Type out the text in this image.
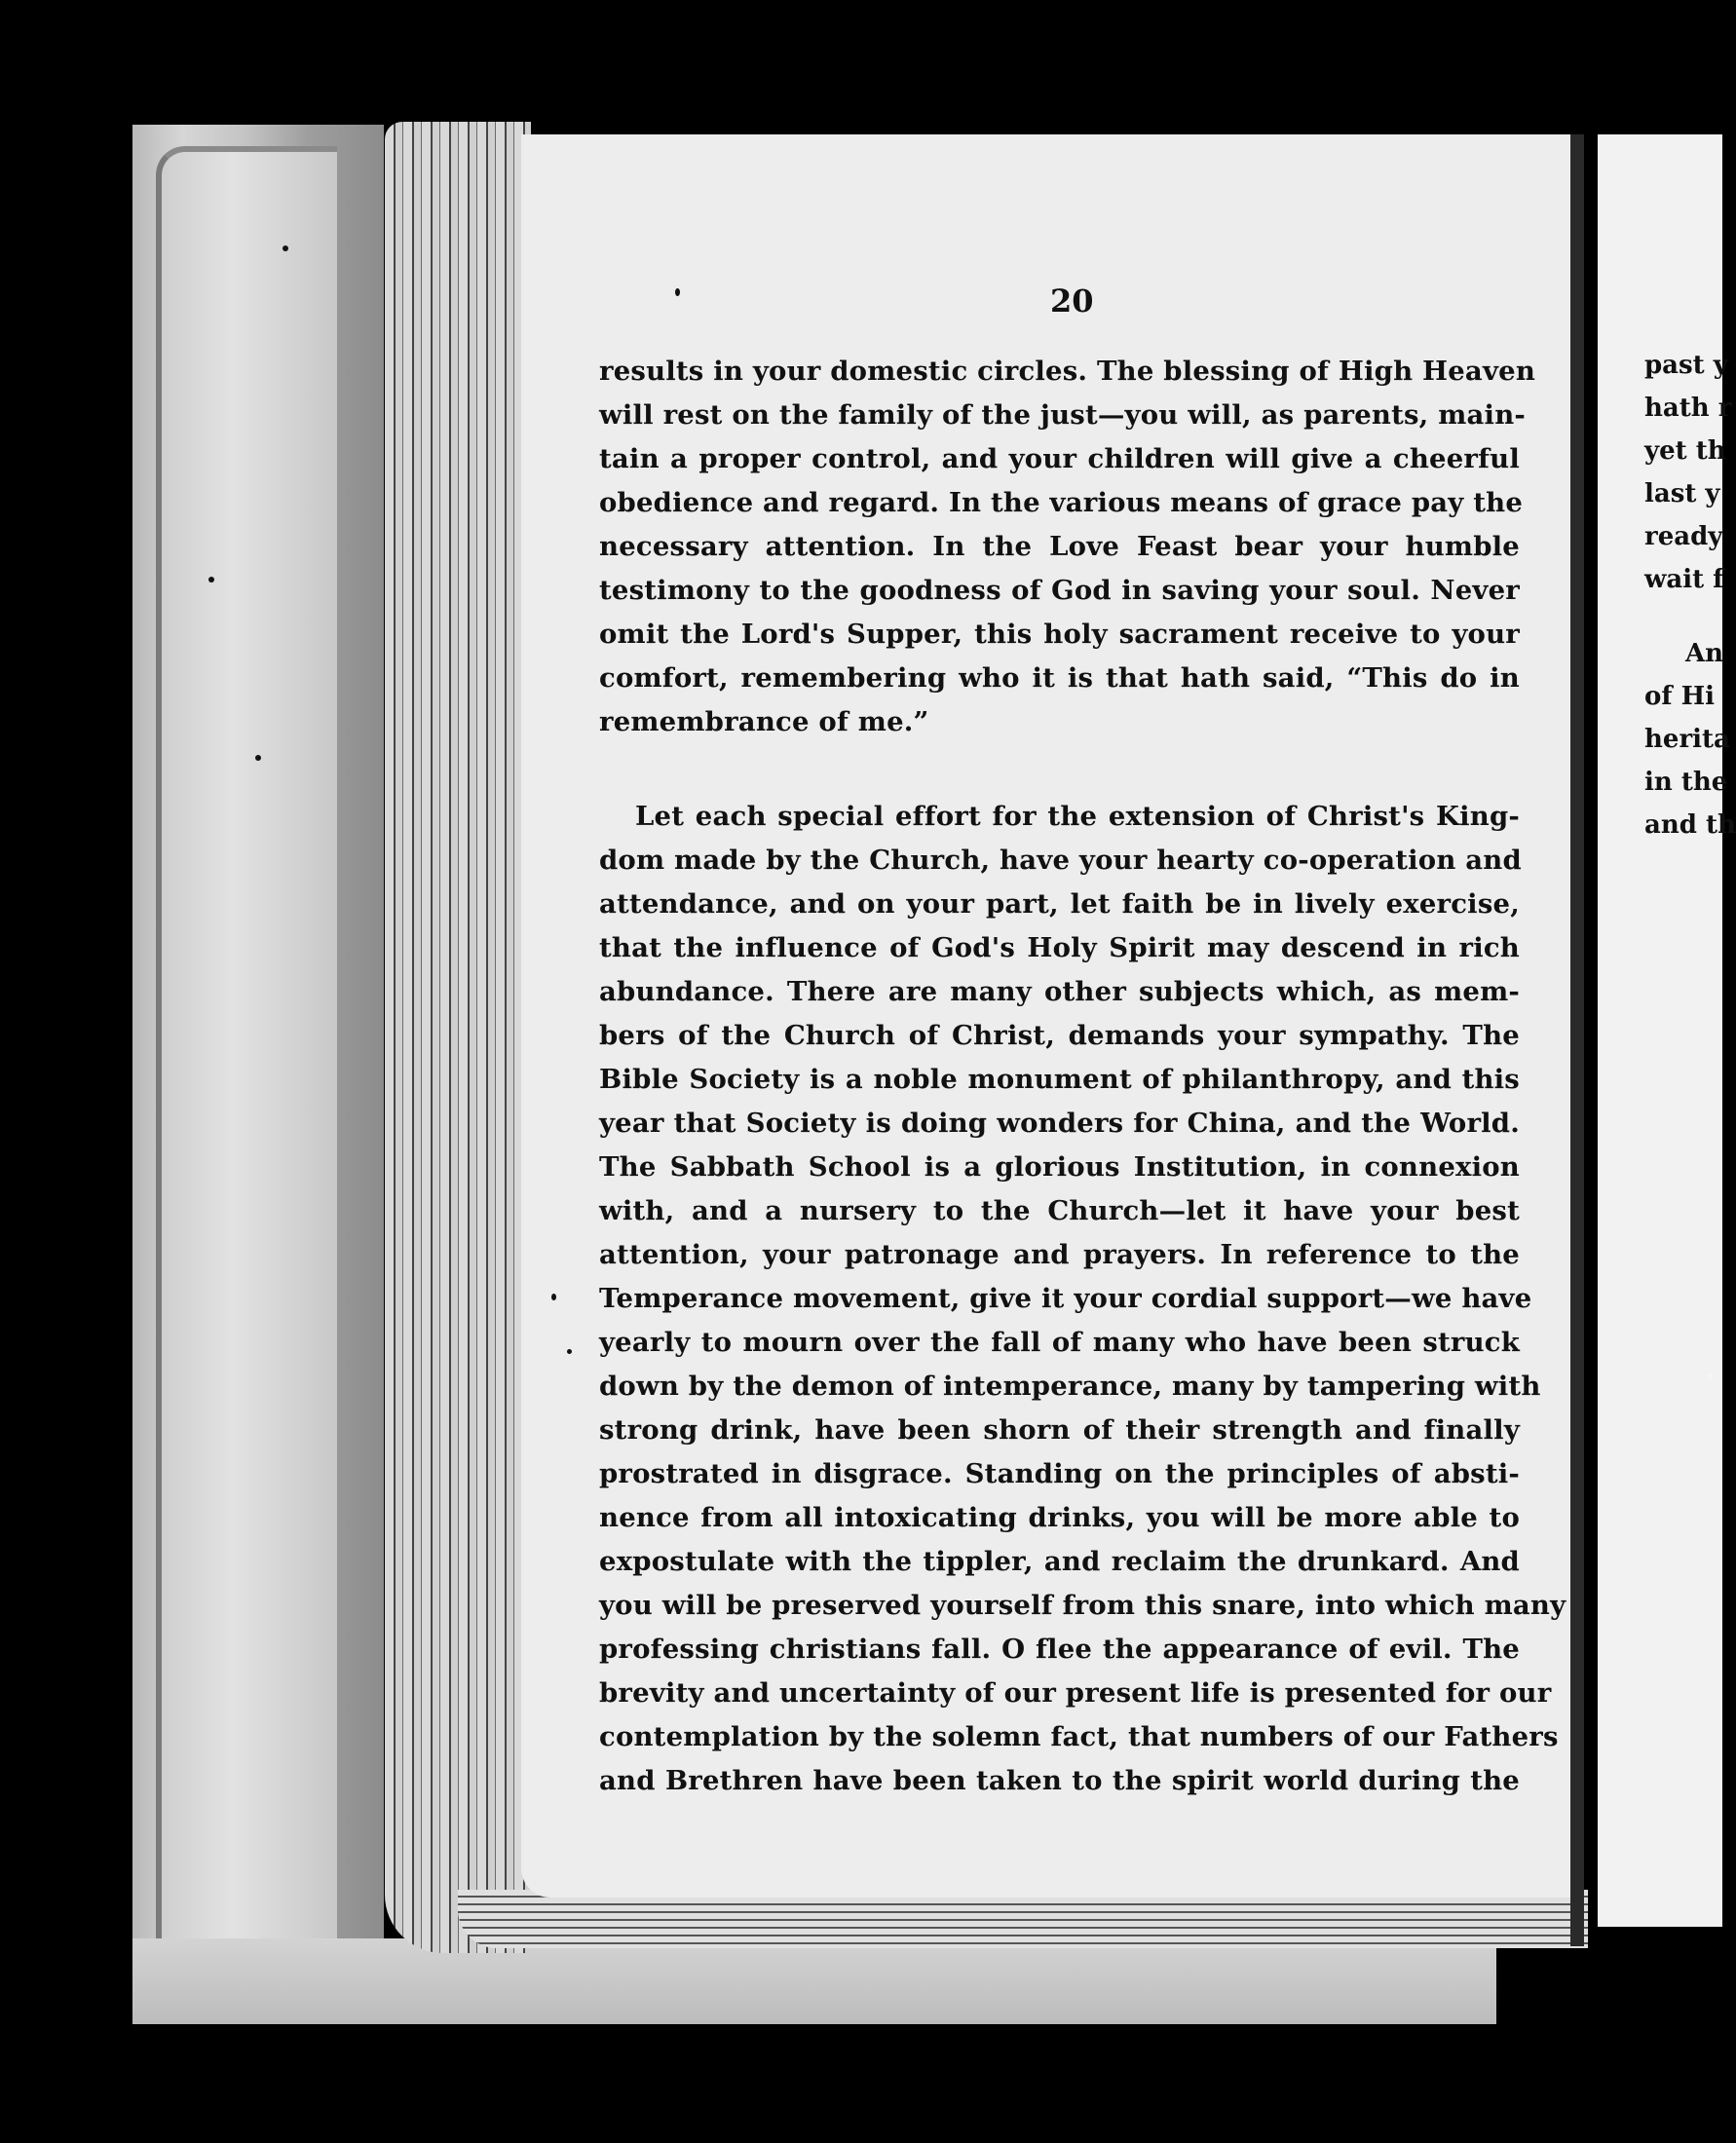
past y
hath r
yet th
last y
ready
wait f
An
of Hi
herita
in the
and th
20
results in your domestic circles. The blessing of High Heaven
will rest on the family of the just—you will, as parents, main-
tain a proper control, and your children will give a cheerful
obedience and regard. In the various means of grace pay the
necessary attention. In the Love Feast bear your humble
testimony to the goodness of God in saving your soul. Never
omit the Lord's Supper, this holy sacrament receive to your
comfort, remembering who it is that hath said, “This do in
remembrance of me.”
Let each special effort for the extension of Christ's King-
dom made by the Church, have your hearty co-operation and
attendance, and on your part, let faith be in lively exercise,
that the influence of God's Holy Spirit may descend in rich
abundance. There are many other subjects which, as mem-
bers of the Church of Christ, demands your sympathy. The
Bible Society is a noble monument of philanthropy, and this
year that Society is doing wonders for China, and the World.
The Sabbath School is a glorious Institution, in connexion
with, and a nursery to the Church—let it have your best
attention, your patronage and prayers. In reference to the
Temperance movement, give it your cordial support—we have
yearly to mourn over the fall of many who have been struck
down by the demon of intemperance, many by tampering with
strong drink, have been shorn of their strength and finally
prostrated in disgrace. Standing on the principles of absti-
nence from all intoxicating drinks, you will be more able to
expostulate with the tippler, and reclaim the drunkard. And
you will be preserved yourself from this snare, into which many
professing christians fall. O flee the appearance of evil. The
brevity and uncertainty of our present life is presented for our
contemplation by the solemn fact, that numbers of our Fathers
and Brethren have been taken to the spirit world during the
